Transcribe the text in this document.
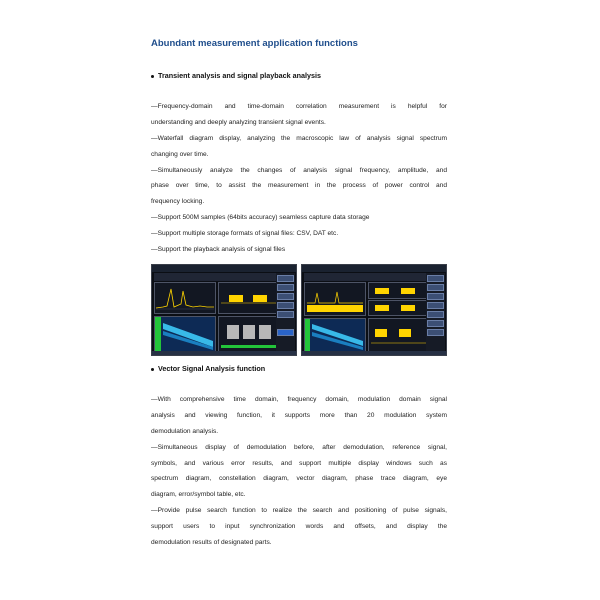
Abundant measurement application functions
Transient analysis and signal playback analysis
—Frequency-domain and time-domain correlation measurement is helpful for
understanding and deeply analyzing transient signal events.
—Waterfall diagram display, analyzing the macroscopic law of analysis signal spectrum
changing over time.
—Simultaneously analyze the changes of analysis signal frequency, amplitude, and
phase over time, to assist the measurement in the process of power control and
frequency locking.
—Support 500M samples (64bits accuracy) seamless capture data storage
—Support multiple storage formats of signal files: CSV, DAT etc.
—Support the playback analysis of signal files
Vector Signal Analysis function
—With comprehensive time domain, frequency domain, modulation domain signal
analysis and viewing function, it supports more than 20 modulation system
demodulation analysis.
—Simultaneous display of demodulation before, after demodulation, reference signal,
symbols, and various error results, and support multiple display windows such as
spectrum diagram, constellation diagram, vector diagram, phase trace diagram, eye
diagram, error/symbol table, etc.
—Provide pulse search function to realize the search and positioning of pulse signals,
support users to input synchronization words and offsets, and display the
demodulation results of designated parts.
